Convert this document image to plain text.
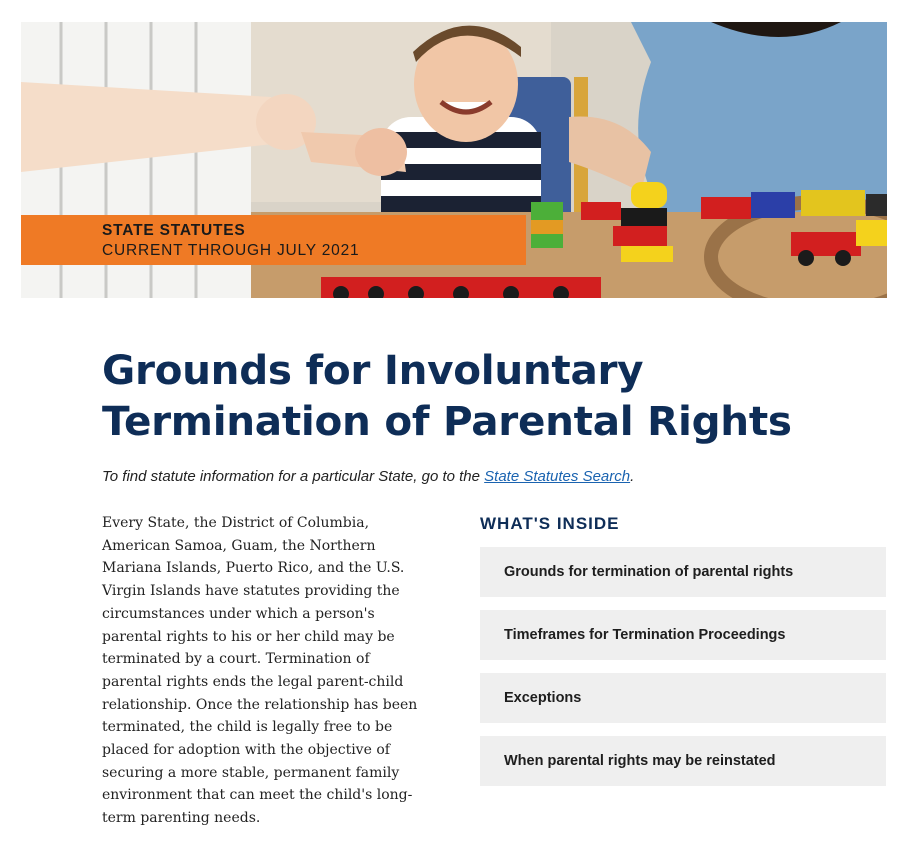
STATE STATUTES
CURRENT THROUGH JULY 2021
Grounds for Involuntary Termination of Parental Rights
To find statute information for a particular State, go to the State Statutes Search.

Every State, the District of Columbia, American Samoa, Guam, the Northern Mariana Islands, Puerto Rico, and the U.S. Virgin Islands have statutes providing the circumstances under which a person's parental rights to his or her child may be terminated by a court. Termination of parental rights ends the legal parent-child relationship. Once the relationship has been terminated, the child is legally free to be placed for adoption with the objective of securing a more stable, permanent family environment that can meet the child's long-term parenting needs.

WHAT'S INSIDE
Grounds for termination of parental rights
Timeframes for Termination Proceedings
Exceptions
When parental rights may be reinstated
